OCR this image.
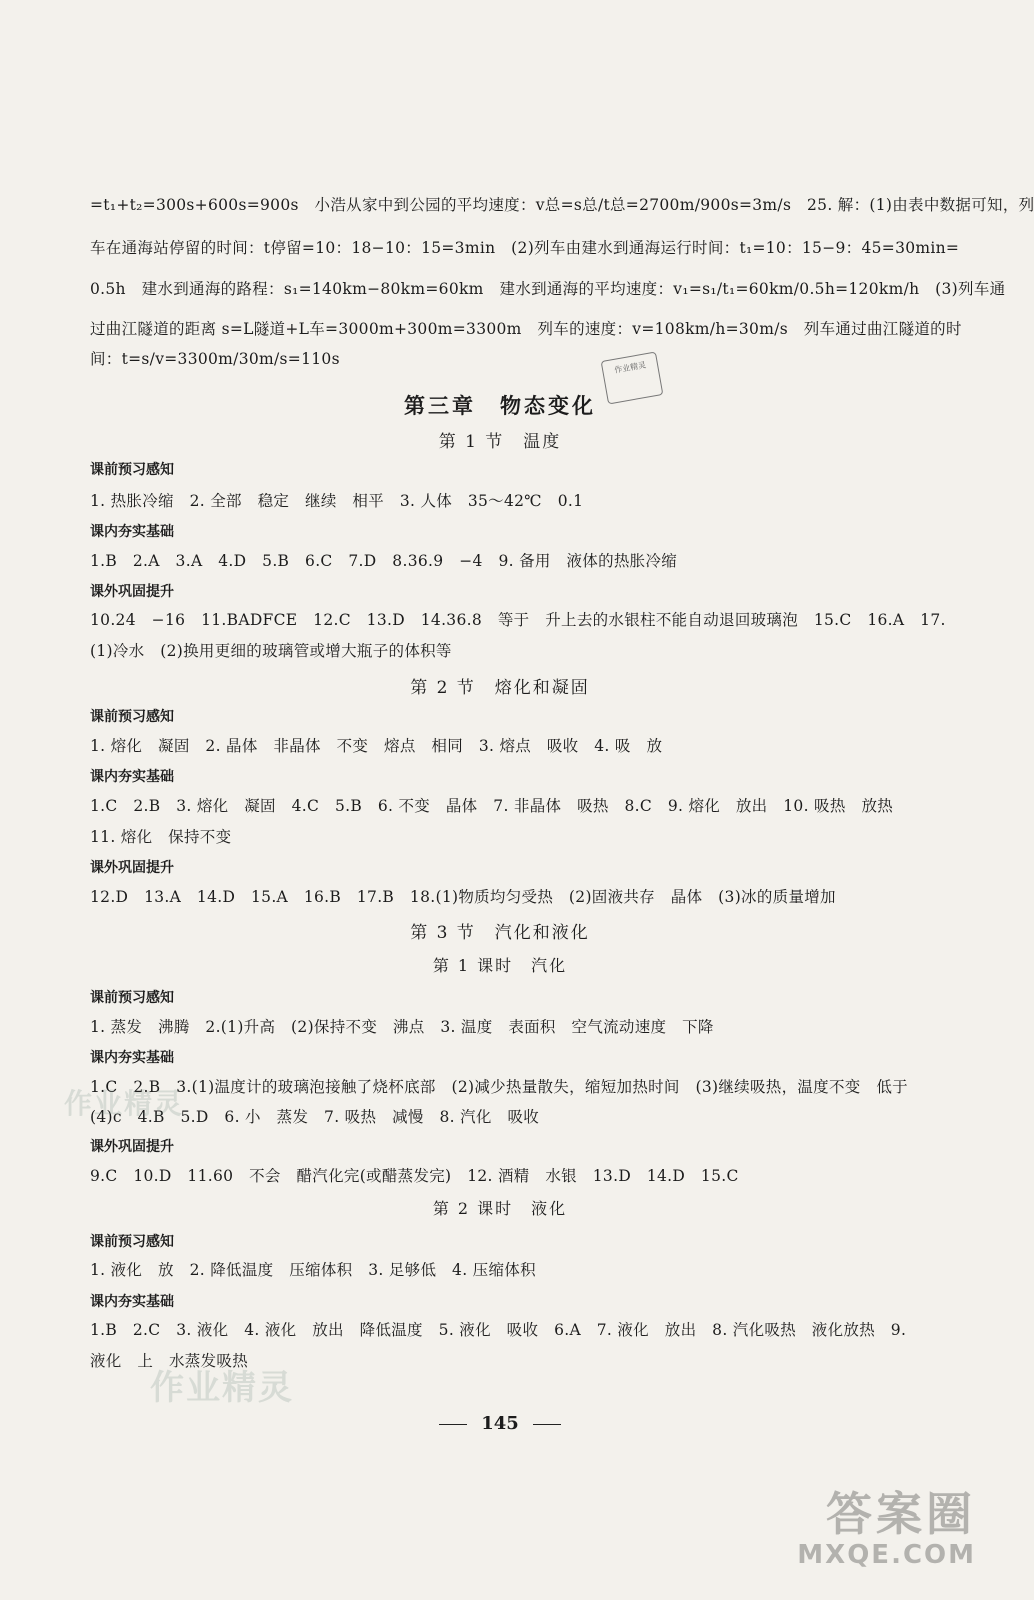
=t₁+t₂=300s+600s=900s　小浩从家中到公园的平均速度：v总=s总/t总=2700m/900s=3m/s　25. 解：(1)由表中数据可知，列
车在通海站停留的时间：t停留=10：18−10：15=3min　(2)列车由建水到通海运行时间：t₁=10：15−9：45=30min=
0.5h　建水到通海的路程：s₁=140km−80km=60km　建水到通海的平均速度：v₁=s₁/t₁=60km/0.5h=120km/h　(3)列车通
过曲江隧道的距离 s=L隧道+L车=3000m+300m=3300m　列车的速度：v=108km/h=30m/s　列车通过曲江隧道的时
间：t=s/v=3300m/30m/s=110s	作业精灵
第三章　物态变化
第 1 节　温度
课前预习感知
1. 热胀冷缩　2. 全部　稳定　继续　相平　3. 人体　35～42℃　0.1
课内夯实基础
1.B　2.A　3.A　4.D　5.B　6.C　7.D　8.36.9　−4　9. 备用　液体的热胀冷缩
课外巩固提升
10.24　−16　11.BADFCE　12.C　13.D　14.36.8　等于　升上去的水银柱不能自动退回玻璃泡　15.C　16.A　17.
(1)冷水　(2)换用更细的玻璃管或增大瓶子的体积等
第 2 节　熔化和凝固
课前预习感知
1. 熔化　凝固　2. 晶体　非晶体　不变　熔点　相同　3. 熔点　吸收　4. 吸　放
课内夯实基础
1.C　2.B　3. 熔化　凝固　4.C　5.B　6. 不变　晶体　7. 非晶体　吸热　8.C　9. 熔化　放出　10. 吸热　放热
11. 熔化　保持不变
课外巩固提升
12.D　13.A　14.D　15.A　16.B　17.B　18.(1)物质均匀受热　(2)固液共存　晶体　(3)冰的质量增加
第 3 节　汽化和液化
第 1 课时　汽化
课前预习感知
1. 蒸发　沸腾　2.(1)升高　(2)保持不变　沸点　3. 温度　表面积　空气流动速度　下降
课内夯实基础
1.C　2.B　3.(1)温度计的玻璃泡接触了烧杯底部　(2)减少热量散失，缩短加热时间　(3)继续吸热，温度不变　低于
(4)c　4.B　5.D　6. 小　蒸发　7. 吸热　减慢　8. 汽化　吸收
课外巩固提升
9.C　10.D　11.60　不会　醋汽化完(或醋蒸发完)　12. 酒精　水银　13.D　14.D　15.C
第 2 课时　液化
课前预习感知
1. 液化　放　2. 降低温度　压缩体积　3. 足够低　4. 压缩体积
课内夯实基础
1.B　2.C　3. 液化　4. 液化　放出　降低温度　5. 液化　吸收　6.A　7. 液化　放出　8. 汽化吸热　液化放热　9.
液化　上　水蒸发吸热
作业精灵
作业精灵
145
答案圈
MXQE.COM
